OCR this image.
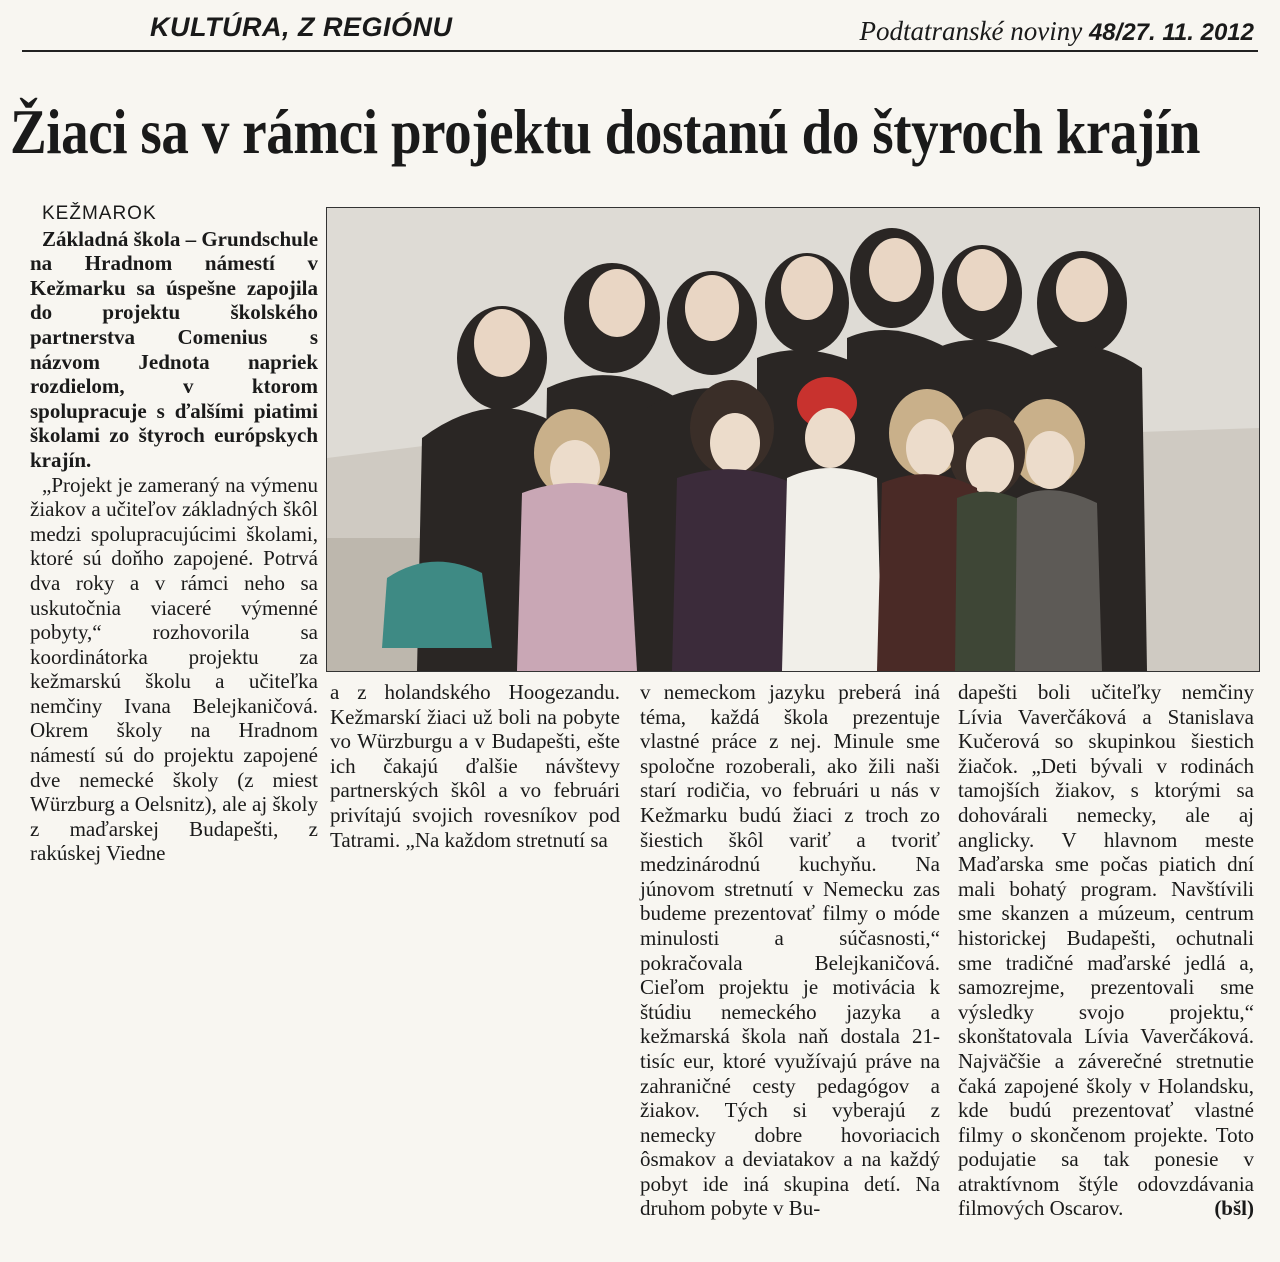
KULTÚRA, Z REGIÓNU	Podtatranské noviny 48/27. 11. 2012
Žiaci sa v rámci projektu dostanú do štyroch krajín
KEŽMAROK

Základná škola – Grundschule na Hradnom námestí v Kežmarku sa úspešne zapojila do projektu školského partnerstva Comenius s názvom Jednota napriek rozdielom, v ktorom spolupracuje s ďalšími piatimi školami zo štyroch európskych krajín.

„Projekt je zameraný na výmenu žiakov a učiteľov základných škôl medzi spolupracujúcimi školami, ktoré sú doňho zapojené. Potrvá dva roky a v rámci neho sa uskutočnia viaceré výmenné pobyty,“ rozhovorila sa koordinátorka projektu za kežmarskú školu a učiteľka nemčiny Ivana Belejkaničová. Okrem školy na Hradnom námestí sú do projektu zapojené dve nemecké školy (z miest Würzburg a Oelsnitz), ale aj školy z maďarskej Budapešti, z rakúskej Viedne

a z holandského Hoogezandu. Kežmarskí žiaci už boli na pobyte vo Würzburgu a v Budapešti, ešte ich čakajú ďalšie návštevy partnerských škôl a vo februári privítajú svojich rovesníkov pod Tatrami. „Na každom stretnutí sa

v nemeckom jazyku preberá iná téma, každá škola prezentuje vlastné práce z nej. Minule sme spoločne rozoberali, ako žili naši starí rodičia, vo februári u nás v Kežmarku budú žiaci z troch zo šiestich škôl variť a tvoriť medzinárodnú kuchyňu. Na júnovom stretnutí v Nemecku zas budeme prezentovať filmy o móde minulosti a súčasnosti,“ pokračovala Belejkaničová. Cieľom projektu je motivácia k štúdiu nemeckého jazyka a kežmarská škola naň dostala 21-tisíc eur, ktoré využívajú práve na zahraničné cesty pedagógov a žiakov. Tých si vyberajú z nemecky dobre hovoriacich ôsmakov a deviatakov a na každý pobyt ide iná skupina detí. Na druhom pobyte v Bu-

dapešti boli učiteľky nemčiny Lívia Vaverčáková a Stanislava Kučerová so skupinkou šiestich žiačok. „Deti bývali v rodinách tamojších žiakov, s ktorými sa dohovárali nemecky, ale aj anglicky. V hlavnom meste Maďarska sme počas piatich dní mali bohatý program. Navštívili sme skanzen a múzeum, centrum historickej Budapešti, ochutnali sme tradičné maďarské jedlá a, samozrejme, prezentovali sme výsledky svojo projektu,“ skonštatovala Lívia Vaverčáková. Najväčšie a záverečné stretnutie čaká zapojené školy v Holandsku, kde budú prezentovať vlastné filmy o skončenom projekte. Toto podujatie sa tak ponesie v atraktívnom štýle odovzdávania filmových Oscarov.	(bšl)
